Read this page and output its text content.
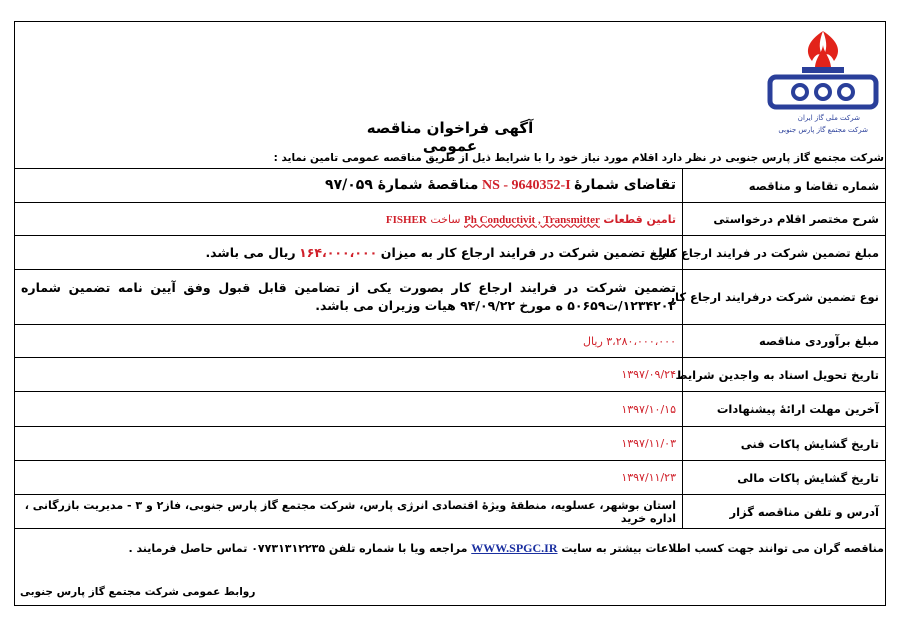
شرکت ملی گاز ایران
شرکت مجتمع گاز پارس جنوبی
آگهی فراخوان مناقصه عمومی
شرکت مجتمع گاز پارس جنوبی در نظر دارد اقلام مورد نیاز خود را با شرایط ذیل از طریق مناقصه عمومی تامین نماید :
شماره تقاضا و مناقصه	تقاضای شمارهٔ NS - 9640352-I مناقصهٔ شمارهٔ ۹۷/۰۵۹
شرح مختصر اقلام درخواستی	تامین قطعات Ph Conductivit , Transmitter ساخت FISHER
مبلغ تضمین شرکت در فرایند ارجاع کار	مبلغ تضمین شرکت در فرایند ارجاع کار به میزان ۱۶۴،۰۰۰،۰۰۰ ریال می باشد.
نوع تضمین شرکت درفرایند ارجاع کار	تضمین شرکت در فرایند ارجاع کار بصورت یکی از تضامین قابل قبول وفق آیین نامه تضمین شماره
۱۲۳۴۲۰۲/ت۵۰۶۵۹ ه مورخ ۹۴/۰۹/۲۲ هیات وزیران می باشد.

مبلغ برآوردی مناقصه	۳،۲۸۰،۰۰۰،۰۰۰ ریال
تاریخ تحویل اسناد به واجدین شرایط	۱۳۹۷/۰۹/۲۴
آخرین مهلت ارائهٔ پیشنهادات	۱۳۹۷/۱۰/۱۵
تاریخ گشایش پاکات فنی	۱۳۹۷/۱۱/۰۳
تاریخ گشایش پاکات مالی	۱۳۹۷/۱۱/۲۳
آدرس و تلفن مناقصه گزار	استان بوشهر، عسلویه، منطقهٔ ویژهٔ اقتصادی انرژی پارس، شرکت مجتمع گاز پارس جنوبی، فاز۲ و ۳ - مدیریت بازرگانی ، اداره خرید
مناقصه گران می توانند جهت کسب اطلاعات بیشتر به سایت WWW.SPGC.IR مراجعه ویا با شماره تلفن ۰۷۷۳۱۳۱۲۲۳۵ تماس حاصل فرمایند .
روابط عمومی شرکت مجتمع گاز پارس جنوبی
